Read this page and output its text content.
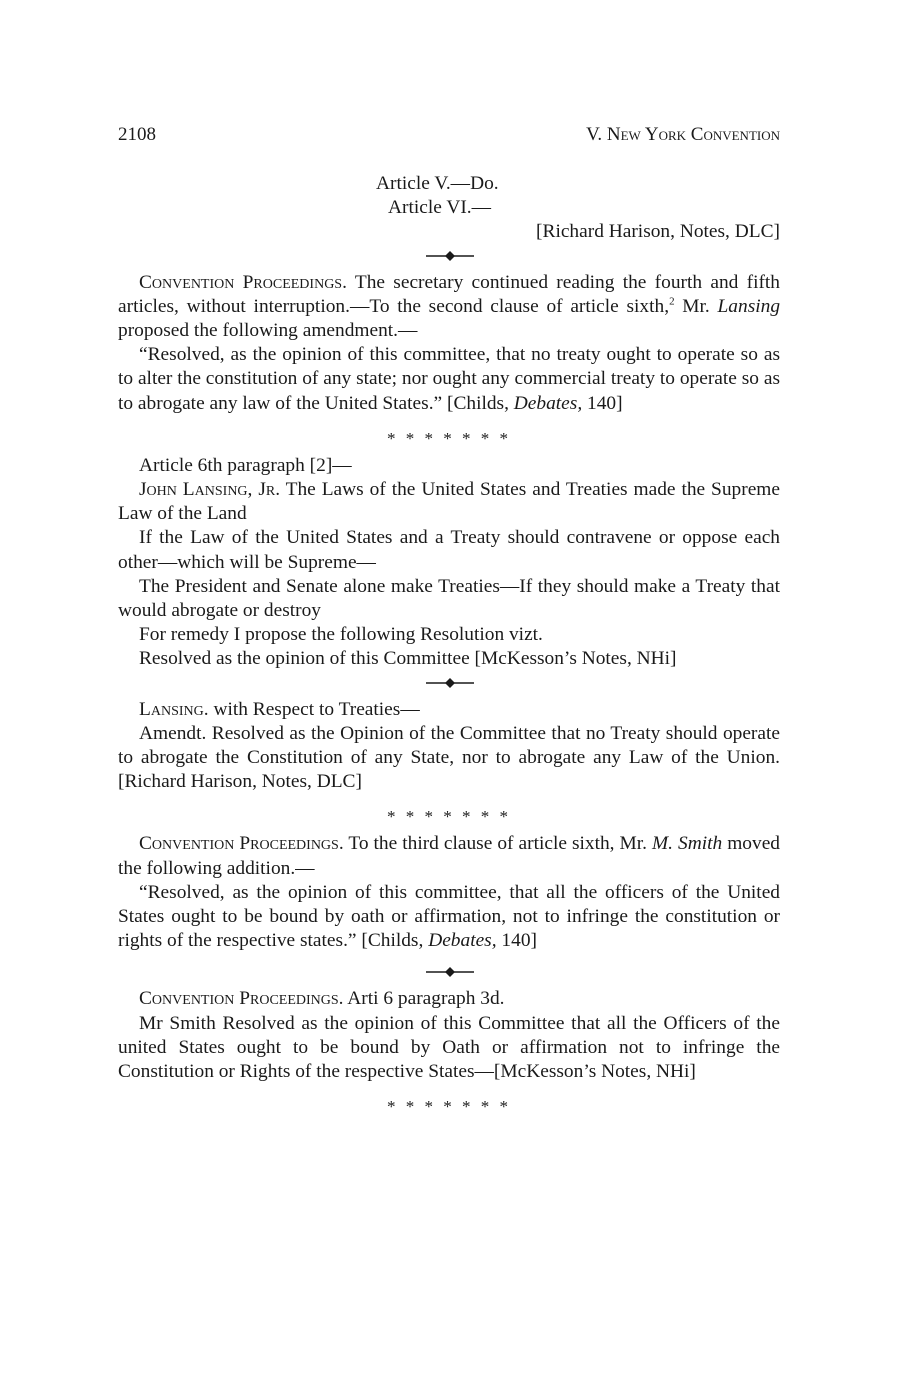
2108	V. New York Convention

Article V.—Do.

Article VI.—

[Richard Harison, Notes, DLC]

Convention Proceedings. The secretary continued reading the fourth and fifth articles, without interruption.—To the second clause of article sixth,$^2$ Mr. Lansing proposed the following amendment.—

“Resolved, as the opinion of this committee, that no treaty ought to operate so as to alter the constitution of any state; nor ought any commercial treaty to operate so as to abrogate any law of the United States.” [Childs, Debates, 140]

* * * * * * *

Article 6th paragraph [2]—

John Lansing, Jr. The Laws of the United States and Treaties made the Supreme Law of the Land

If the Law of the United States and a Treaty should contravene or oppose each other—which will be Supreme—

The President and Senate alone make Treaties—If they should make a Treaty that would abrogate or destroy

For remedy I propose the following Resolution vizt.

Resolved as the opinion of this Committee [McKesson’s Notes, NHi]

Lansing. with Respect to Treaties—

Amendt. Resolved as the Opinion of the Committee that no Treaty should operate to abrogate the Constitution of any State, nor to abrogate any Law of the Union. [Richard Harison, Notes, DLC]

* * * * * * *

Convention Proceedings. To the third clause of article sixth, Mr. M. Smith moved the following addition.—

“Resolved, as the opinion of this committee, that all the officers of the United States ought to be bound by oath or affirmation, not to infringe the constitution or rights of the respective states.” [Childs, Debates, 140]

Convention Proceedings. Arti 6 paragraph 3d.

Mr Smith Resolved as the opinion of this Committee that all the Officers of the united States ought to be bound by Oath or affirmation not to infringe the Constitution or Rights of the respective States—[McKesson’s Notes, NHi]

* * * * * * *
